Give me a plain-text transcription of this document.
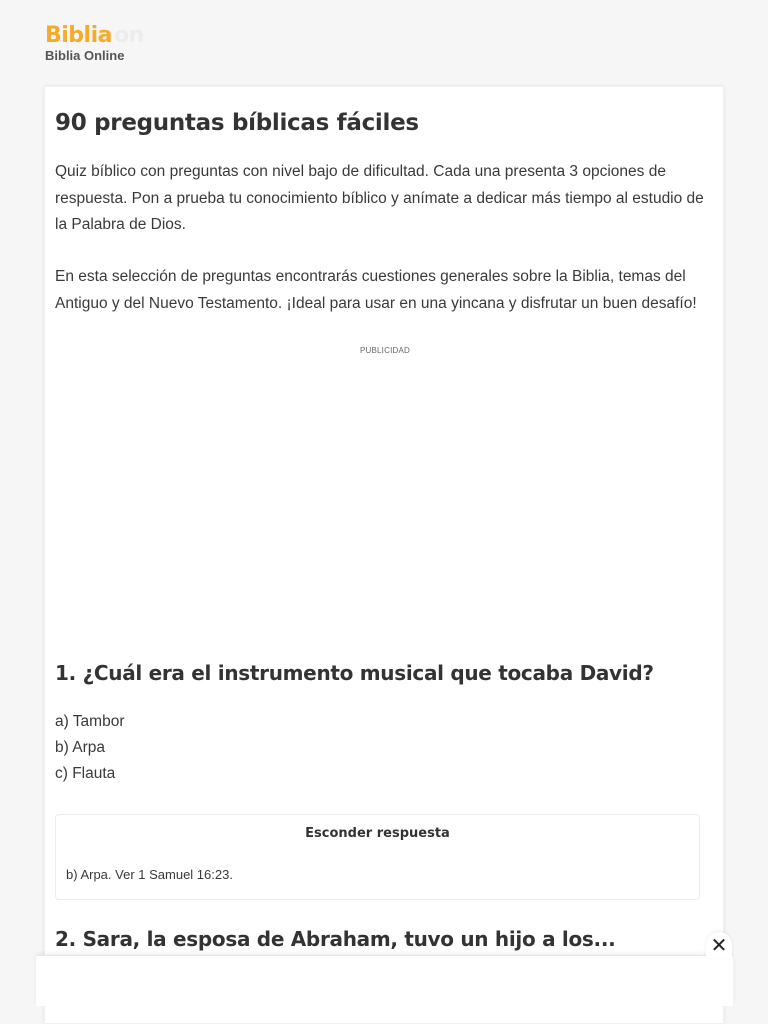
Bibliaon
Biblia Online
90 preguntas bíblicas fáciles

Quiz bíblico con preguntas con nivel bajo de dificultad. Cada una presenta 3 opciones de respuesta. Pon a prueba tu conocimiento bíblico y anímate a dedicar más tiempo al estudio de la Palabra de Dios.

En esta selección de preguntas encontrarás cuestiones generales sobre la Biblia, temas del Antiguo y del Nuevo Testamento. ¡Ideal para usar en una yincana y disfrutar un buen desafío!

PUBLICIDAD
1. ¿Cuál era el instrumento musical que tocaba David?
a) Tambor
b) Arpa
c) Flauta
Esconder respuesta
b) Arpa. Ver 1 Samuel 16:23.
2. Sara, la esposa de Abraham, tuvo un hijo a los...	✕
